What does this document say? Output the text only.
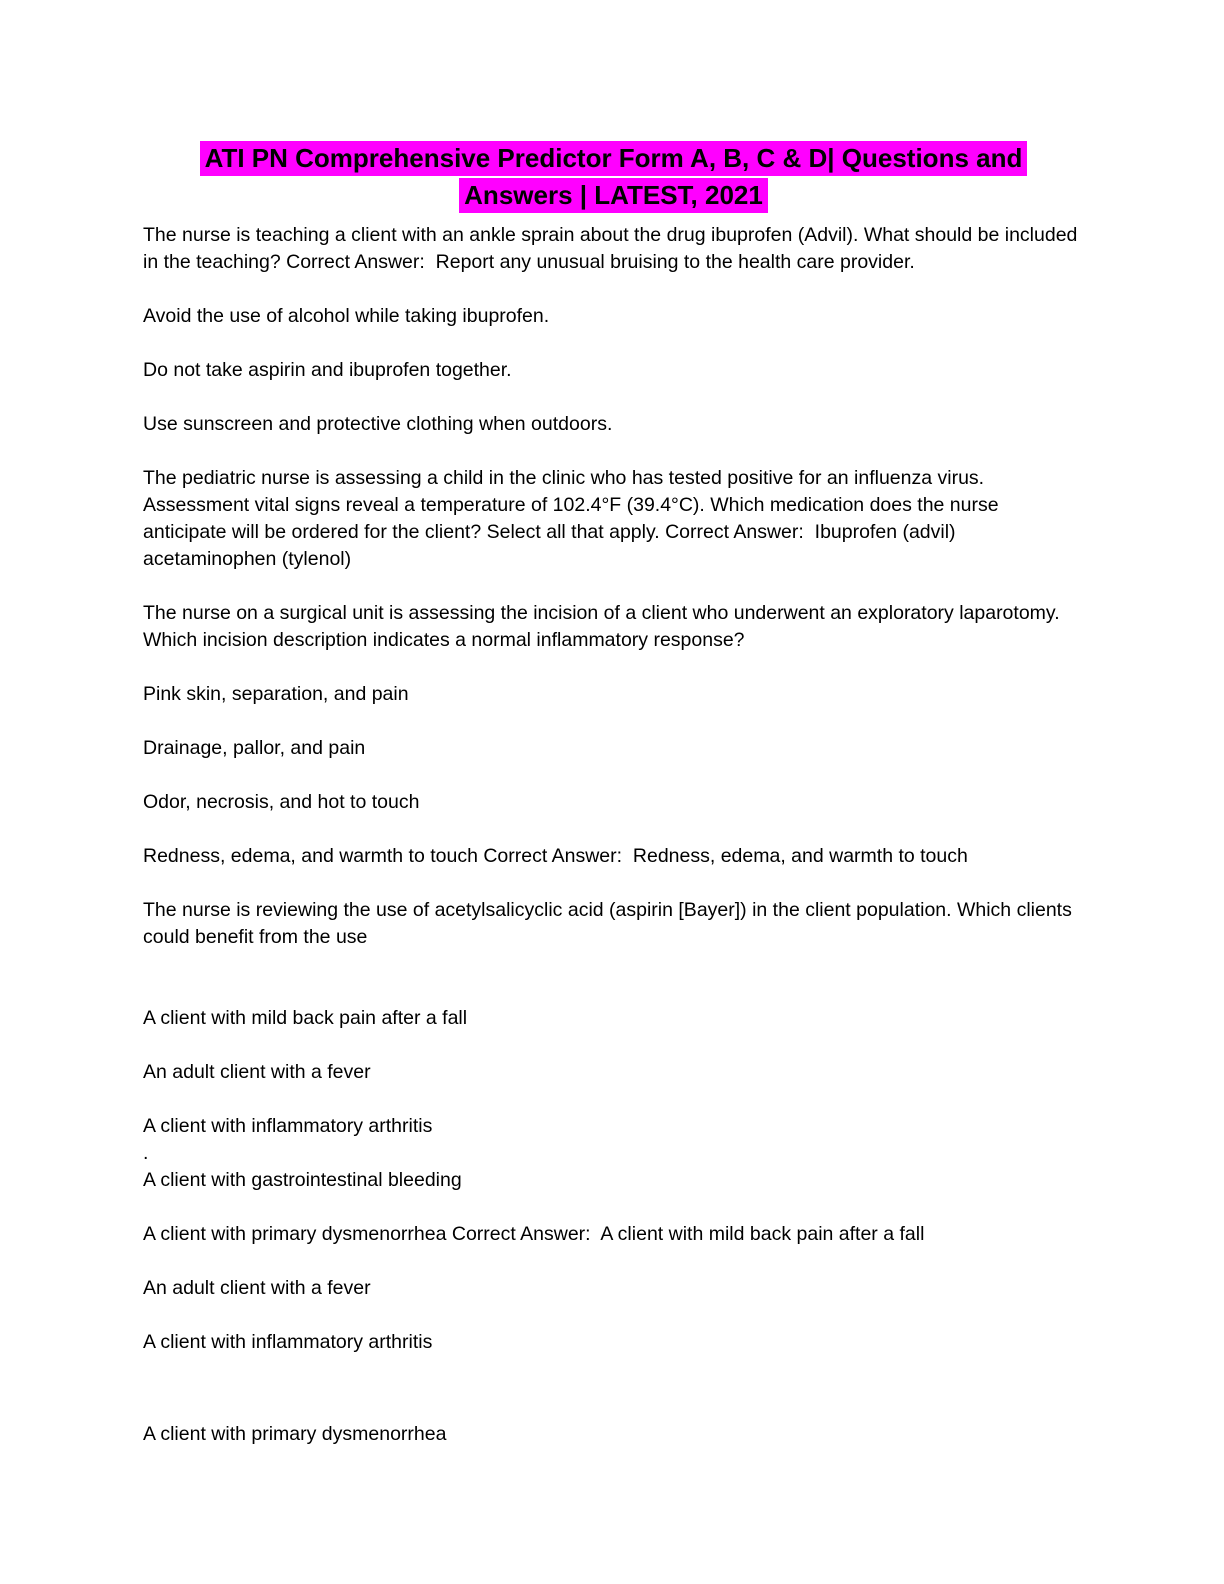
ATI PN Comprehensive Predictor Form A, B, C & D| Questions and
Answers | LATEST, 2021

The nurse is teaching a client with an ankle sprain about the drug ibuprofen (Advil). What should be included in the teaching? Correct Answer:  Report any unusual bruising to the health care provider.

Avoid the use of alcohol while taking ibuprofen.

Do not take aspirin and ibuprofen together.

Use sunscreen and protective clothing when outdoors.

The pediatric nurse is assessing a child in the clinic who has tested positive for an influenza virus. Assessment vital signs reveal a temperature of 102.4°F (39.4°C). Which medication does the nurse anticipate will be ordered for the client? Select all that apply. Correct Answer:  Ibuprofen (advil) acetaminophen (tylenol)

The nurse on a surgical unit is assessing the incision of a client who underwent an exploratory laparotomy. Which incision description indicates a normal inflammatory response?

Pink skin, separation, and pain

Drainage, pallor, and pain

Odor, necrosis, and hot to touch

Redness, edema, and warmth to touch Correct Answer:  Redness, edema, and warmth to touch

The nurse is reviewing the use of acetylsalicyclic acid (aspirin [Bayer]) in the client population. Which clients could benefit from the use

A client with mild back pain after a fall

An adult client with a fever

A client with inflammatory arthritis

.

A client with gastrointestinal bleeding

A client with primary dysmenorrhea Correct Answer:  A client with mild back pain after a fall

An adult client with a fever

A client with inflammatory arthritis

A client with primary dysmenorrhea
